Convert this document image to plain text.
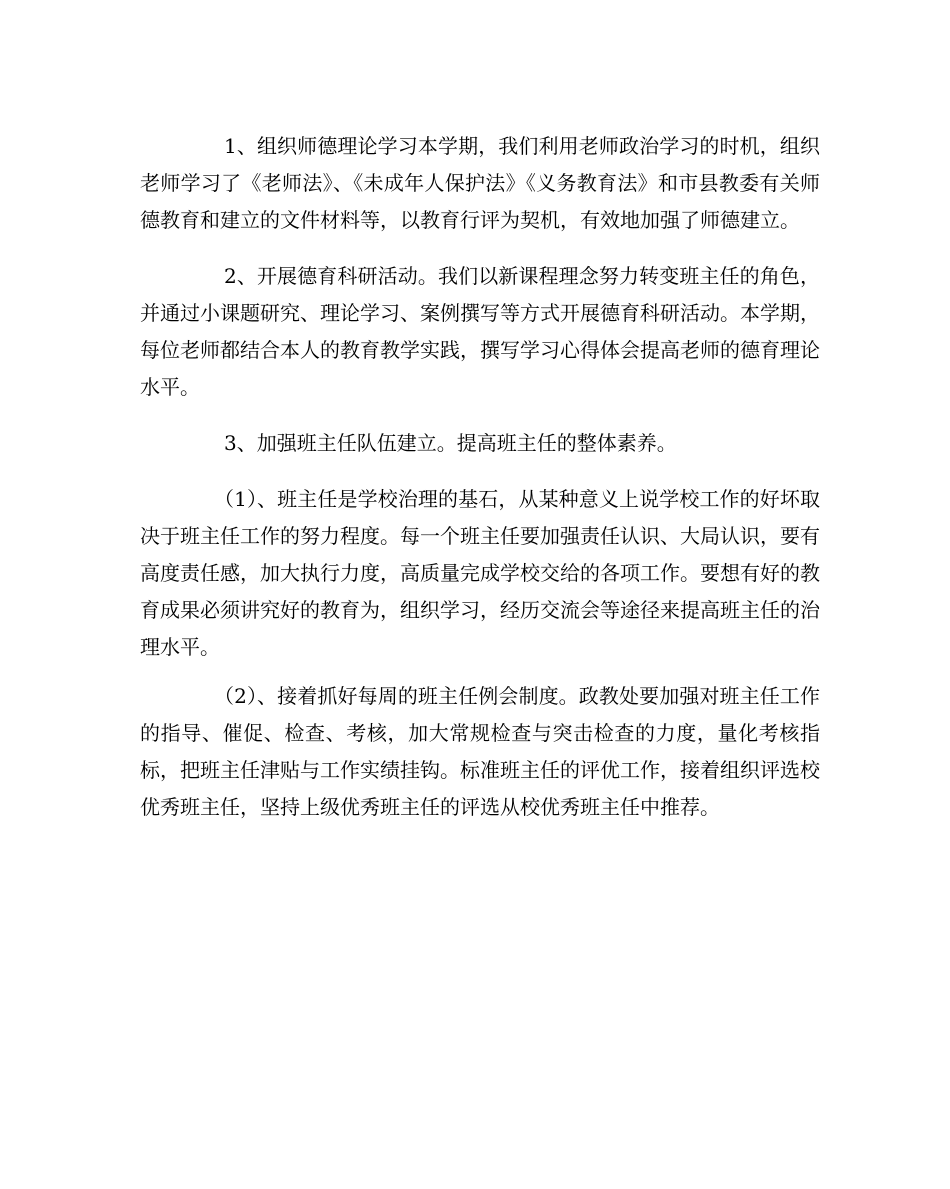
1、组织师德理论学习本学期，我们利用老师政治学习的时机，组织老师学习了《老师法》、《未成年人保护法》《义务教育法》和市县教委有关师德教育和建立的文件材料等，以教育行评为契机，有效地加强了师德建立。

2、开展德育科研活动。我们以新课程理念努力转变班主任的角色，并通过小课题研究、理论学习、案例撰写等方式开展德育科研活动。本学期，每位老师都结合本人的教育教学实践，撰写学习心得体会提高老师的德育理论水平。

3、加强班主任队伍建立。提高班主任的整体素养。

（1）、班主任是学校治理的基石，从某种意义上说学校工作的好坏取决于班主任工作的努力程度。每一个班主任要加强责任认识、大局认识，要有高度责任感，加大执行力度，高质量完成学校交给的各项工作。要想有好的教育成果必须讲究好的教育为，组织学习，经历交流会等途径来提高班主任的治理水平。

（2）、接着抓好每周的班主任例会制度。政教处要加强对班主任工作的指导、催促、检查、考核，加大常规检查与突击检查的力度，量化考核指标，把班主任津贴与工作实绩挂钩。标准班主任的评优工作，接着组织评选校优秀班主任，坚持上级优秀班主任的评选从校优秀班主任中推荐。
